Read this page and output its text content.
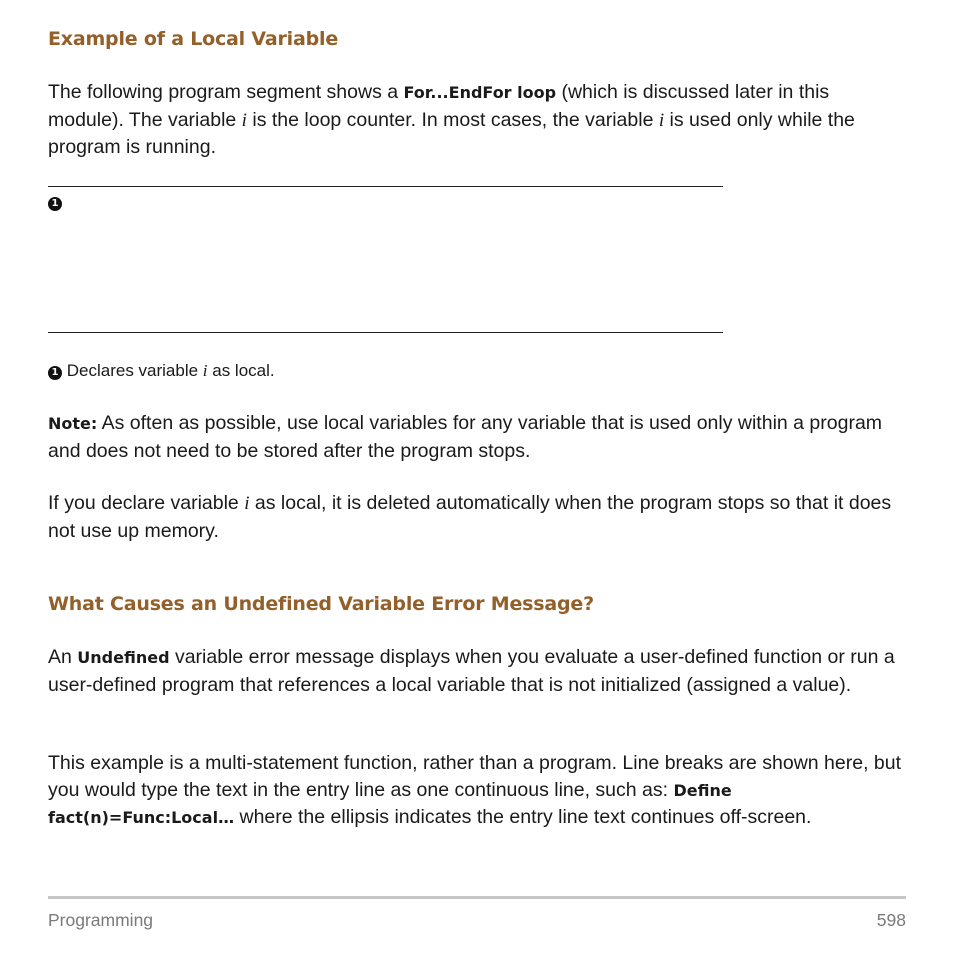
Example of a Local Variable

The following program segment shows a For...EndFor loop (which is discussed later in this module). The variable i is the loop counter. In most cases, the variable i is used only while the program is running.

1

1 Declares variable i as local.

Note: As often as possible, use local variables for any variable that is used only within a program and does not need to be stored after the program stops.

If you declare variable i as local, it is deleted automatically when the program stops so that it does not use up memory.

What Causes an Undefined Variable Error Message?

An Undefined variable error message displays when you evaluate a user-defined function or run a user-defined program that references a local variable that is not initialized (assigned a value).

This example is a multi-statement function, rather than a program. Line breaks are shown here, but you would type the text in the entry line as one continuous line, such as: Define fact(n)=Func:Local… where the ellipsis indicates the entry line text continues off-screen.

Programming	598
